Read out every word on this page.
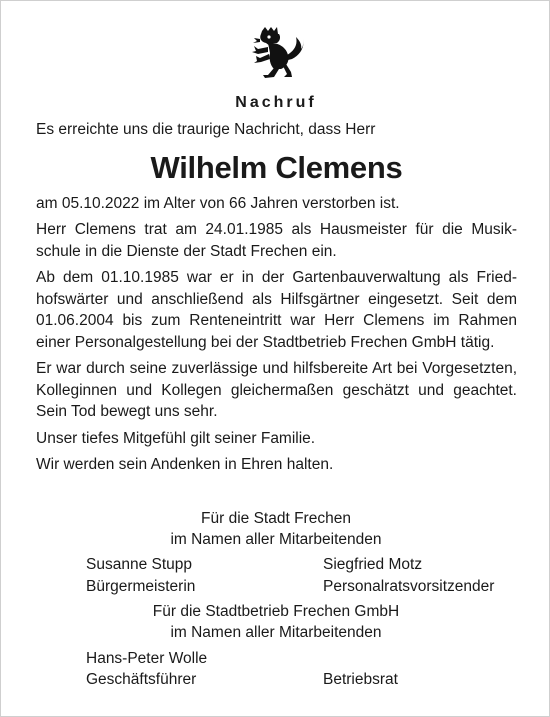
Nachruf

Es erreichte uns die traurige Nachricht, dass Herr

Wilhelm Clemens

am 05.10.2022 im Alter von 66 Jahren verstorben ist.

Herr Clemens trat am 24.01.1985 als Hausmeister für die Musikschule in die Dienste der Stadt Frechen ein.

Ab dem 01.10.1985 war er in der Gartenbauverwaltung als Friedhofswärter und anschließend als Hilfsgärtner eingesetzt. Seit dem 01.06.2004 bis zum Renteneintritt war Herr Clemens im Rahmen einer Personalgestellung bei der Stadtbetrieb Frechen GmbH tätig.

Er war durch seine zuverlässige und hilfsbereite Art bei Vorgesetzten, Kolleginnen und Kollegen gleichermaßen geschätzt und geachtet. Sein Tod bewegt uns sehr.

Unser tiefes Mitgefühl gilt seiner Familie.

Wir werden sein Andenken in Ehren halten.

Für die Stadt Frechen
im Namen aller Mitarbeitenden
Susanne Stupp
Bürgermeisterin
Siegfried Motz
Personalratsvorsitzender
Für die Stadtbetrieb Frechen GmbH
im Namen aller Mitarbeitenden
Hans-Peter Wolle
Geschäftsführer	Betriebsrat
